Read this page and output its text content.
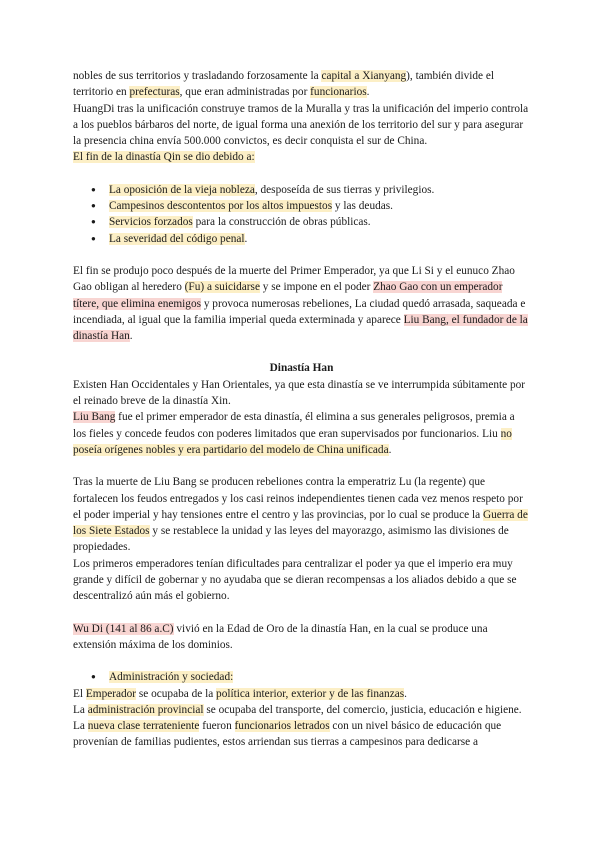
nobles de sus territorios y trasladando forzosamente la capital a Xianyang), también divide el territorio en prefecturas, que eran administradas por funcionarios.

HuangDi tras la unificación construye tramos de la Muralla y tras la unificación del imperio controla a los pueblos bárbaros del norte, de igual forma una anexión de los territorio del sur y para asegurar la presencia china envía 500.000 convictos, es decir conquista el sur de China.

El fin de la dinastía Qin se dio debido a:

● La oposición de la vieja nobleza, desposeída de sus tierras y privilegios.
● Campesinos descontentos por los altos impuestos y las deudas.
● Servicios forzados para la construcción de obras públicas.
● La severidad del código penal.

El fin se produjo poco después de la muerte del Primer Emperador, ya que Li Si y el eunuco Zhao Gao obligan al heredero (Fu) a suicidarse y se impone en el poder Zhao Gao con un emperador títere, que elimina enemigos y provoca numerosas rebeliones, La ciudad quedó arrasada, saqueada e incendiada, al igual que la familia imperial queda exterminada y aparece Liu Bang, el fundador de la dinastía Han.

Dinastía Han

Existen Han Occidentales y Han Orientales, ya que esta dinastía se ve interrumpida súbitamente por el reinado breve de la dinastía Xin.

Liu Bang fue el primer emperador de esta dinastía, él elimina a sus generales peligrosos, premia a los fieles y concede feudos con poderes limitados que eran supervisados por funcionarios. Liu no poseía orígenes nobles y era partidario del modelo de China unificada.

Tras la muerte de Liu Bang se producen rebeliones contra la emperatriz Lu (la regente) que fortalecen los feudos entregados y los casi reinos independientes tienen cada vez menos respeto por el poder imperial y hay tensiones entre el centro y las provincias, por lo cual se produce la Guerra de los Siete Estados y se restablece la unidad y las leyes del mayorazgo, asimismo las divisiones de propiedades.

Los primeros emperadores tenían dificultades para centralizar el poder ya que el imperio era muy grande y difícil de gobernar y no ayudaba que se dieran recompensas a los aliados debido a que se descentralizó aún más el gobierno.

Wu Di (141 al 86 a.C) vivió en la Edad de Oro de la dinastía Han, en la cual se produce una extensión máxima de los dominios.

● Administración y sociedad:

El Emperador se ocupaba de la política interior, exterior y de las finanzas.

La administración provincial se ocupaba del transporte, del comercio, justicia, educación e higiene.

La nueva clase terrateniente fueron funcionarios letrados con un nivel básico de educación que provenían de familias pudientes, estos arriendan sus tierras a campesinos para dedicarse a
